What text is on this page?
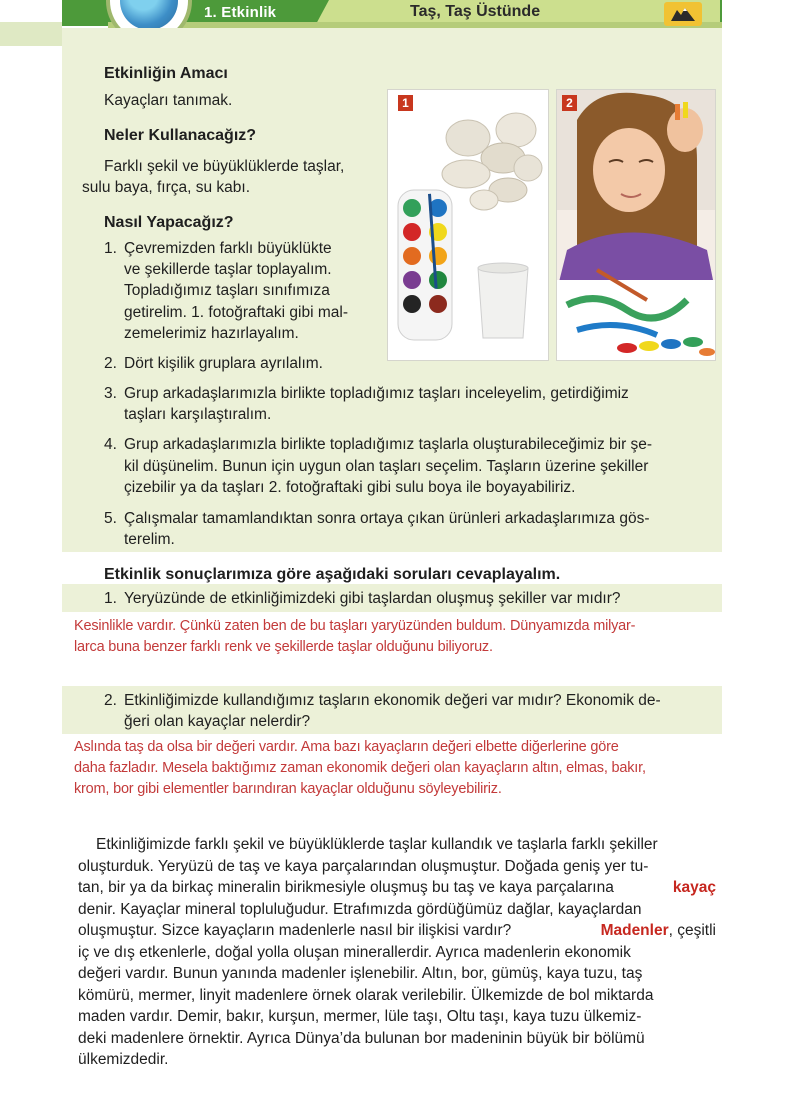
1. Etkinlik	Taş, Taş Üstünde
Etkinliğin Amacı
Kayaçları tanımak.
Neler Kullanacağız?
Farklı şekil ve büyüklüklerde taşlar,
sulu baya, fırça, su kabı.
Nasıl Yapacağız?
1. Çevremizden farklı büyüklükte
ve şekillerde taşlar toplayalım.
Topladığımız taşları sınıfımıza
getirelim. 1. fotoğraftaki gibi mal-
zemelerimiz hazırlayalım.
2. Dört kişilik gruplara ayrılalım.
3. Grup arkadaşlarımızla birlikte topladığımız taşları inceleyelim, getirdiğimiz
taşları karşılaştıralım.
4. Grup arkadaşlarımızla birlikte topladığımız taşlarla oluşturabileceğimiz bir şe-
kil düşünelim. Bunun için uygun olan taşları seçelim. Taşların üzerine şekiller
çizebilir ya da taşları 2. fotoğraftaki gibi sulu boya ile boyayabiliriz.
5. Çalışmalar tamamlandıktan sonra ortaya çıkan ürünleri arkadaşlarımıza gös-
terelim.
1	2
Etkinlik sonuçlarımıza göre aşağıdaki soruları cevaplayalım.
1. Yeryüzünde de etkinliğimizdeki gibi taşlardan oluşmuş şekiller var mıdır?
Kesinlikle vardır. Çünkü zaten ben de bu taşları yaryüzünden buldum. Dünyamızda milyar-
larca buna benzer farklı renk ve şekillerde taşlar olduğunu biliyoruz.
2. Etkinliğimizde kullandığımız taşların ekonomik değeri var mıdır? Ekonomik de-
ğeri olan kayaçlar nelerdir?
Aslında taş da olsa bir değeri vardır. Ama bazı kayaçların değeri elbette diğerlerine göre
daha fazladır. Mesela baktığımız zaman ekonomik değeri olan kayaçların altın, elmas, bakır,
krom, bor gibi elementler barındıran kayaçlar olduğunu söyleyebiliriz.
Etkinliğimizde farklı şekil ve büyüklüklerde taşlar kullandık ve taşlarla farklı şekiller
oluşturduk. Yeryüzü de taş ve kaya parçalarından oluşmuştur. Doğada geniş yer tu-
tan, bir ya da birkaç mineralin birikmesiyle oluşmuş bu taş ve kaya parçalarına	kayaç
denir. Kayaçlar mineral topluluğudur. Etrafımızda gördüğümüz dağlar, kayaçlardan
oluşmuştur. Sizce kayaçların madenlerle nasıl bir ilişkisi vardır?	Madenler, çeşitli
iç ve dış etkenlerle, doğal yolla oluşan minerallerdir. Ayrıca madenlerin ekonomik
değeri vardır. Bunun yanında madenler işlenebilir. Altın, bor, gümüş, kaya tuzu, taş
kömürü, mermer, linyit madenlere örnek olarak verilebilir. Ülkemizde de bol miktarda
maden vardır. Demir, bakır, kurşun, mermer, lüle taşı, Oltu taşı, kaya tuzu ülkemiz-
deki madenlere örnektir. Ayrıca Dünya’da bulunan bor madeninin büyük bir bölümü
ülkemizdedir.
